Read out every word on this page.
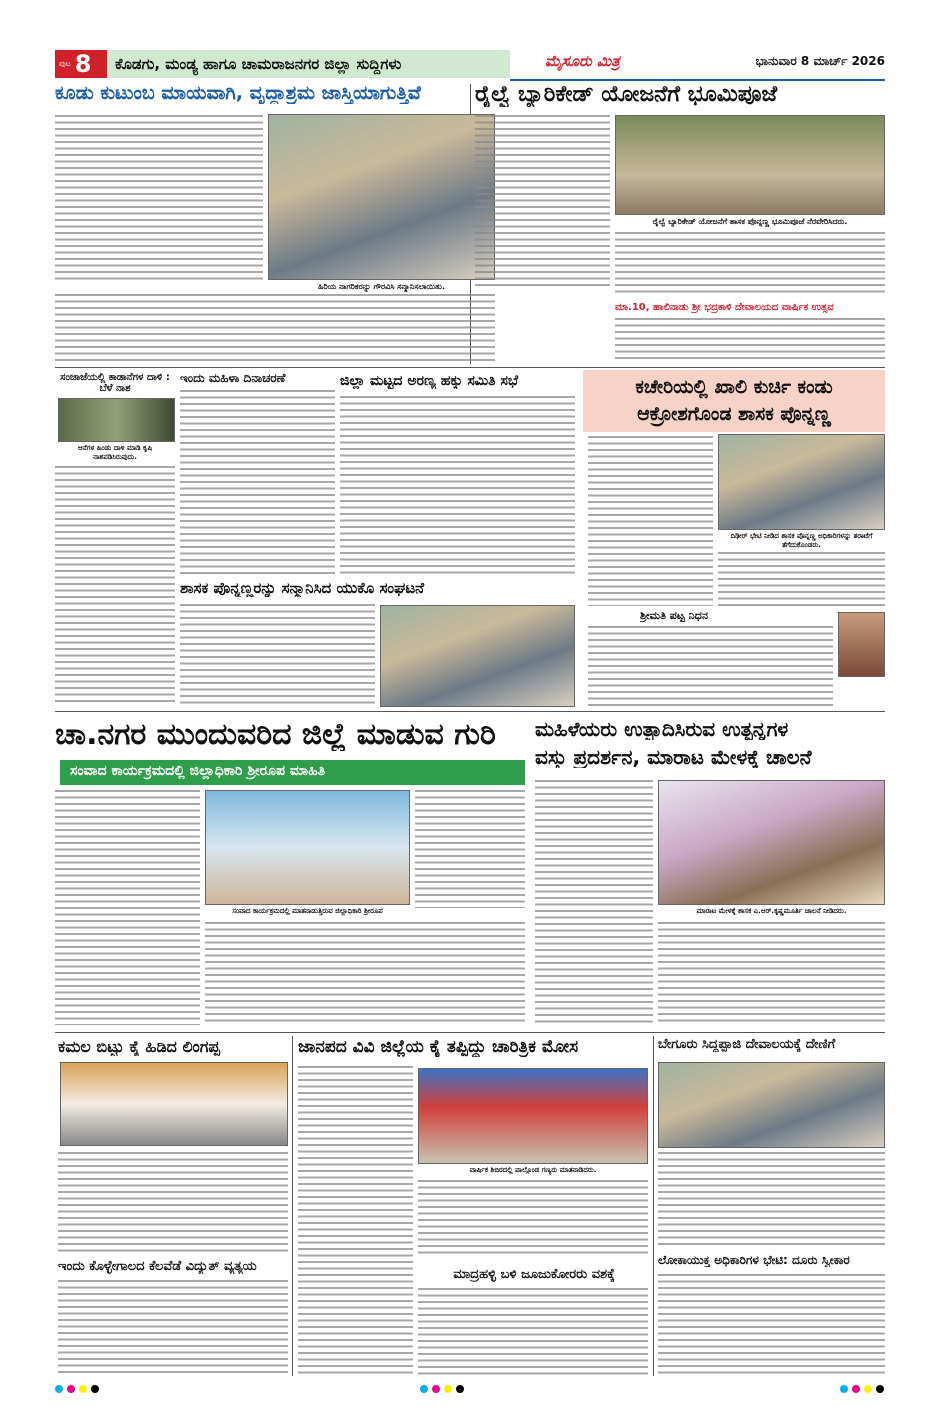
ಪುಟ 8	ಕೊಡಗು, ಮಂಡ್ಯ ಹಾಗೂ ಚಾಮರಾಜನಗರ ಜಿಲ್ಲಾ ಸುದ್ದಿಗಳು	ಮೈಸೂರು ಮಿತ್ರ	ಭಾನುವಾರ 8 ಮಾರ್ಚ್ 2026
ಕೂಡು ಕುಟುಂಬ ಮಾಯವಾಗಿ, ವೃದ್ಧಾಶ್ರಮ ಜಾಸ್ತಿಯಾಗುತ್ತಿವೆ	ರೈಲ್ವೆ ಬ್ಯಾರಿಕೇಡ್ ಯೋಜನೆಗೆ ಭೂಮಿಪೂಜೆ
ಹಿರಿಯ ನಾಗರಿಕರನ್ನು ಗೌರವಿಸಿ ಸನ್ಮಾನಿಸಲಾಯಿತು.
ರೈಲ್ವೆ ಬ್ಯಾರಿಕೇಡ್ ಯೋಜನೆಗೆ ಶಾಸಕ ಪೊನ್ನಣ್ಣ ಭೂಮಿಪೂಜೆ ನೆರವೇರಿಸಿದರು.
ಮಾ.10, ಹಾಲಿನಾಡು ಶ್ರೀ ಭದ್ರಕಾಳಿ ದೇವಾಲಯದ ವಾರ್ಷಿಕ ಉತ್ಸವ
ಸಂಜಾಜೆಯಲ್ಲಿ ಕಾಡಾನೆಗಳ ದಾಳಿ : ಬೆಳೆ ನಾಶ
ಆನೆಗಳ ಹಿಂಡು ದಾಳಿ ಮಾಡಿ ಕೃಷಿ ನಾಶಪಡಿಸಿರುವುದು.
ಇಂದು ಮಹಿಳಾ ದಿನಾಚರಣೆ	ಜಿಲ್ಲಾ ಮಟ್ಟದ ಅರಣ್ಯ ಹಕ್ಕು ಸಮಿತಿ ಸಭೆ
ಶಾಸಕ ಪೊನ್ನಣ್ಣರನ್ನು ಸನ್ಮಾನಿಸಿದ ಯುಕೊ ಸಂಘಟನೆ
ಕಚೇರಿಯಲ್ಲಿ ಖಾಲಿ ಕುರ್ಚಿ ಕಂಡು ಆಕ್ರೋಶಗೊಂಡ ಶಾಸಕ ಪೊನ್ನಣ್ಣ
ದಿಢೀರ್ ಭೇಟಿ ನೀಡಿದ ಶಾಸಕ ಪೊನ್ನಣ್ಣ ಅಧಿಕಾರಿಗಳನ್ನು ತರಾಟೆಗೆ ತೆಗೆದುಕೊಂಡರು.
ಶ್ರೀಮತಿ ಪಟ್ಟ ನಿಧನ
ಚಾ.ನಗರ ಮುಂದುವರಿದ ಜಿಲ್ಲೆ ಮಾಡುವ ಗುರಿ
ಸಂವಾದ ಕಾರ್ಯಕ್ರಮದಲ್ಲಿ ಜಿಲ್ಲಾಧಿಕಾರಿ ಶ್ರೀರೂಪ ಮಾಹಿತಿ
ಸಂವಾದ ಕಾರ್ಯಕ್ರಮದಲ್ಲಿ ಮಾತನಾಡುತ್ತಿರುವ ಜಿಲ್ಲಾಧಿಕಾರಿ ಶ್ರೀರೂಪ
ಮಹಿಳೆಯರು ಉತ್ಪಾದಿಸಿರುವ ಉತ್ಪನ್ನಗಳ
ವಸ್ತು ಪ್ರದರ್ಶನ, ಮಾರಾಟ ಮೇಳಕ್ಕೆ ಚಾಲನೆ
ಮಾರಾಟ ಮೇಳಕ್ಕೆ ಶಾಸಕ ಎ.ಆರ್.ಕೃಷ್ಣಮೂರ್ತಿ ಚಾಲನೆ ನೀಡಿದರು.
ಕಮಲ ಬಿಟ್ಟು ಕೈ ಹಿಡಿದ ಲಿಂಗಪ್ಪ
ಇಂದು ಕೊಳ್ಳೇಗಾಲದ ಕೆಲವೆಡೆ ವಿದ್ಯುತ್ ವ್ಯತ್ಯಯ
ಜಾನಪದ ವಿವಿ ಜಿಲ್ಲೆಯ ಕೈ ತಪ್ಪಿದ್ದು ಚಾರಿತ್ರಿಕ ಮೋಸ
ವಾರ್ಷಿಕ ಶಿಬಿರದಲ್ಲಿ ಪಾಲ್ಗೊಂಡ ಗಣ್ಯರು ಮಾತನಾಡಿದರು.
ಮಾದ್ರಹಳ್ಳಿ ಬಳಿ ಜೂಜುಕೋರರು ವಶಕ್ಕೆ
ಬೇಗೂರು ಸಿದ್ದಪ್ಪಾಜಿ ದೇವಾಲಯಕ್ಕೆ ದೇಣಿಗೆ
ಲೋಕಾಯುಕ್ತ ಅಧಿಕಾರಿಗಳ ಭೇಟಿ: ದೂರು ಸ್ವೀಕಾರ
